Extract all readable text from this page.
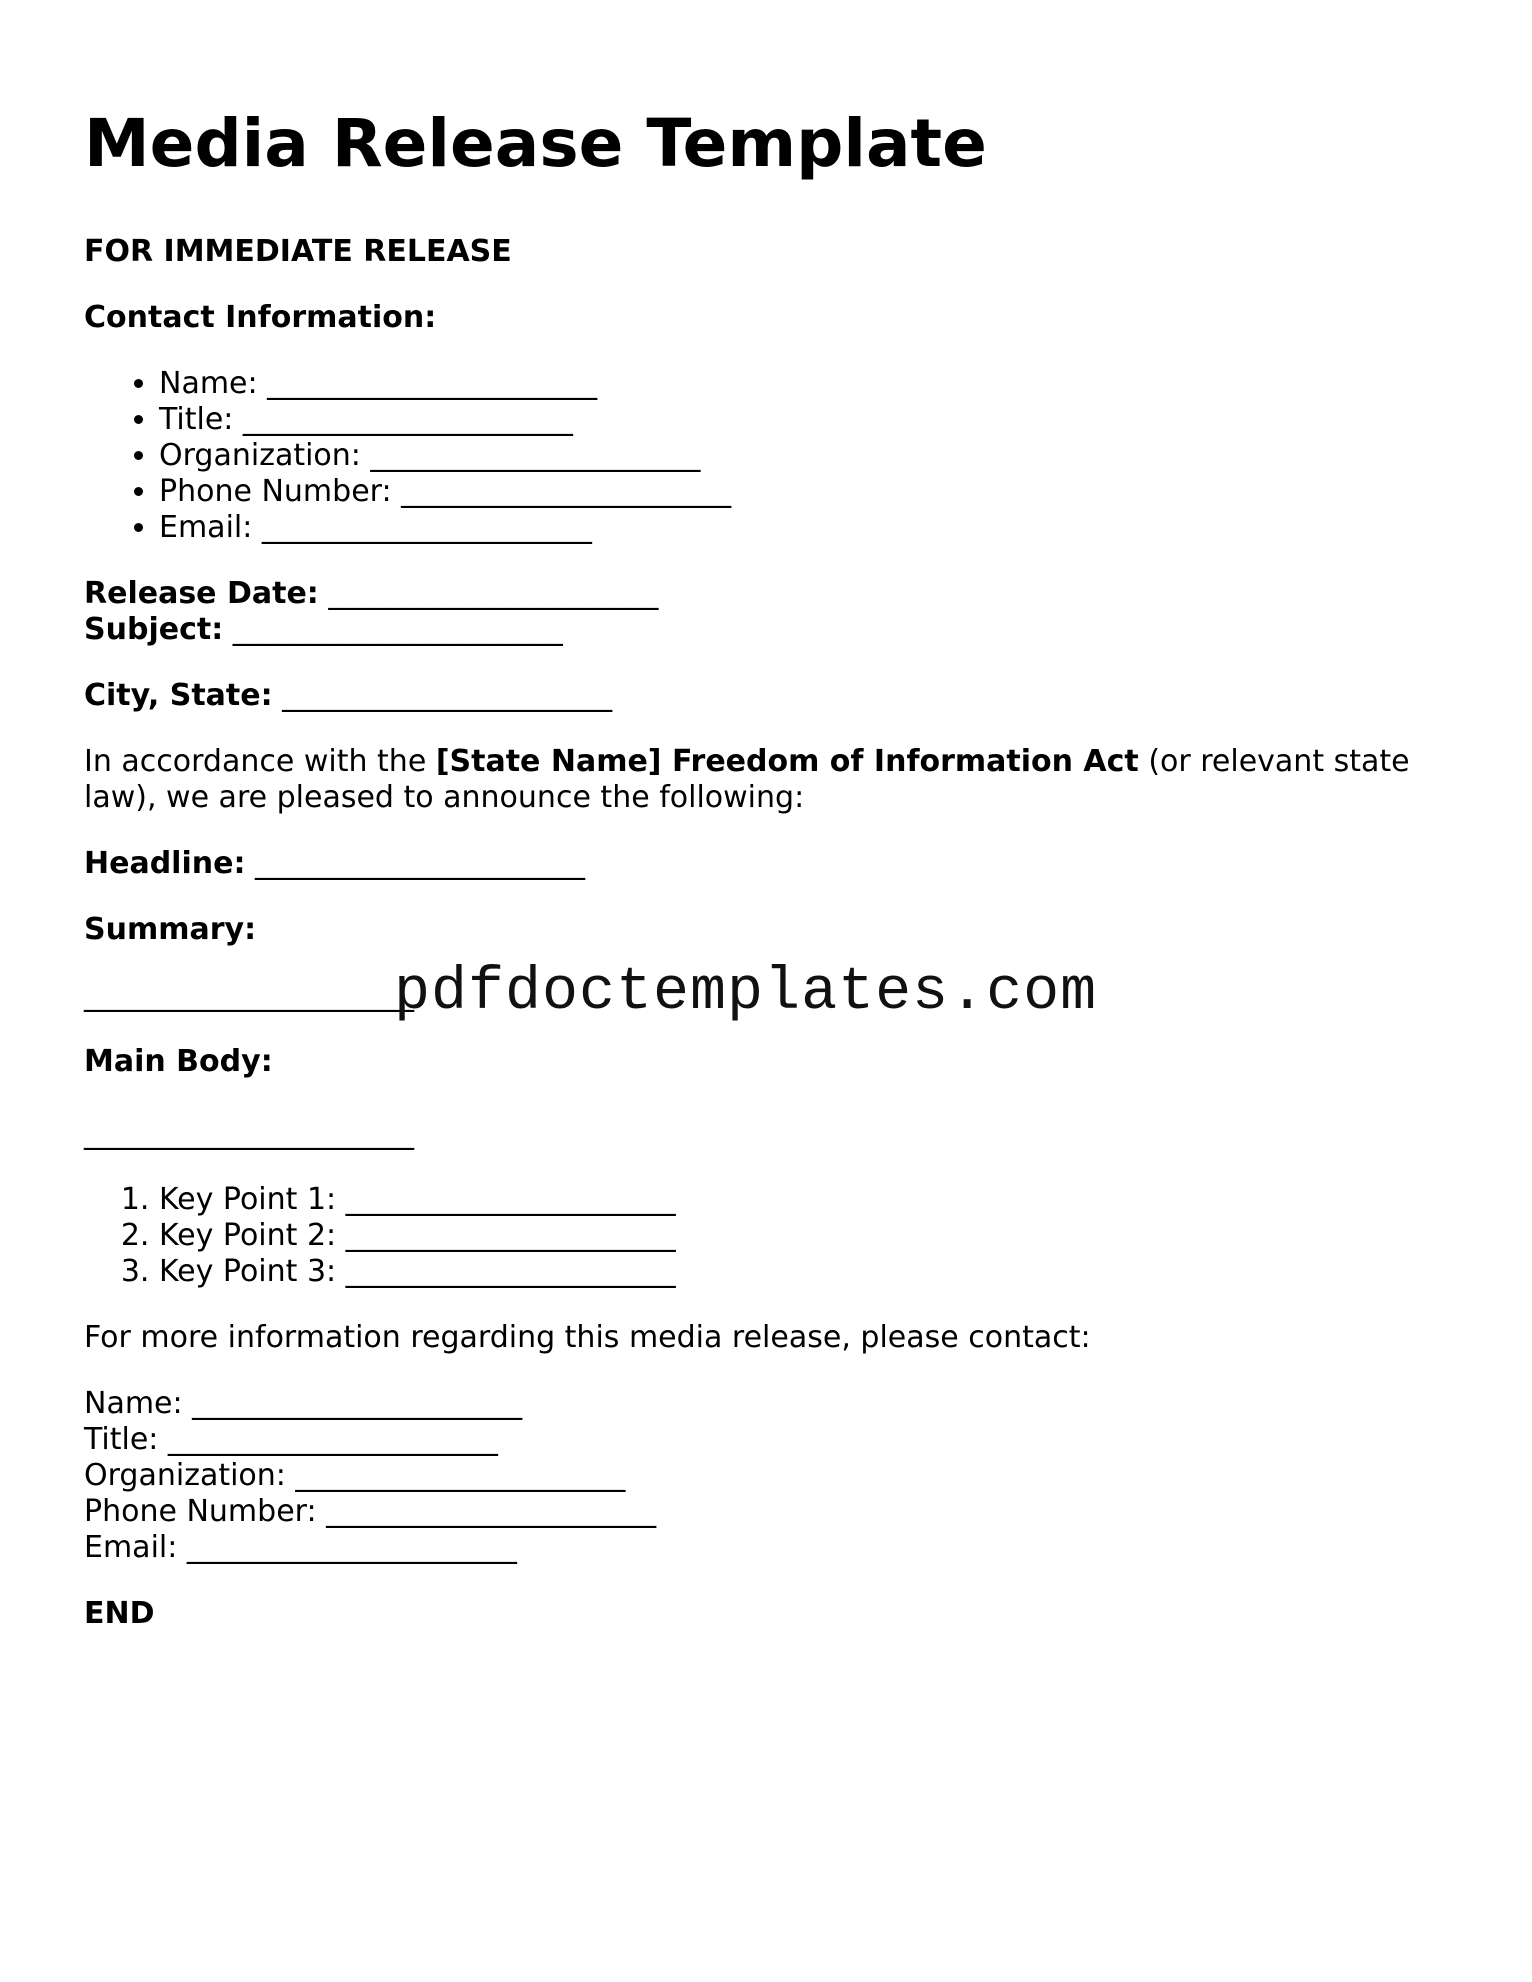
Media Release Template

FOR IMMEDIATE RELEASE

Contact Information:

• Name: ______________________
• Title: ______________________
• Organization: ______________________
• Phone Number: ______________________
• Email: ______________________

Release Date: ______________________
Subject: ______________________

City, State: ______________________

In accordance with the [State Name] Freedom of Information Act (or relevant state law), we are pleased to announce the following:

Headline: ______________________

Summary:

______________________

Main Body:

______________________

1. Key Point 1: ______________________
2. Key Point 2: ______________________
3. Key Point 3: ______________________

For more information regarding this media release, please contact:

Name: ______________________
Title: ______________________
Organization: ______________________
Phone Number: ______________________
Email: ______________________

END

pdfdoctemplates.com
